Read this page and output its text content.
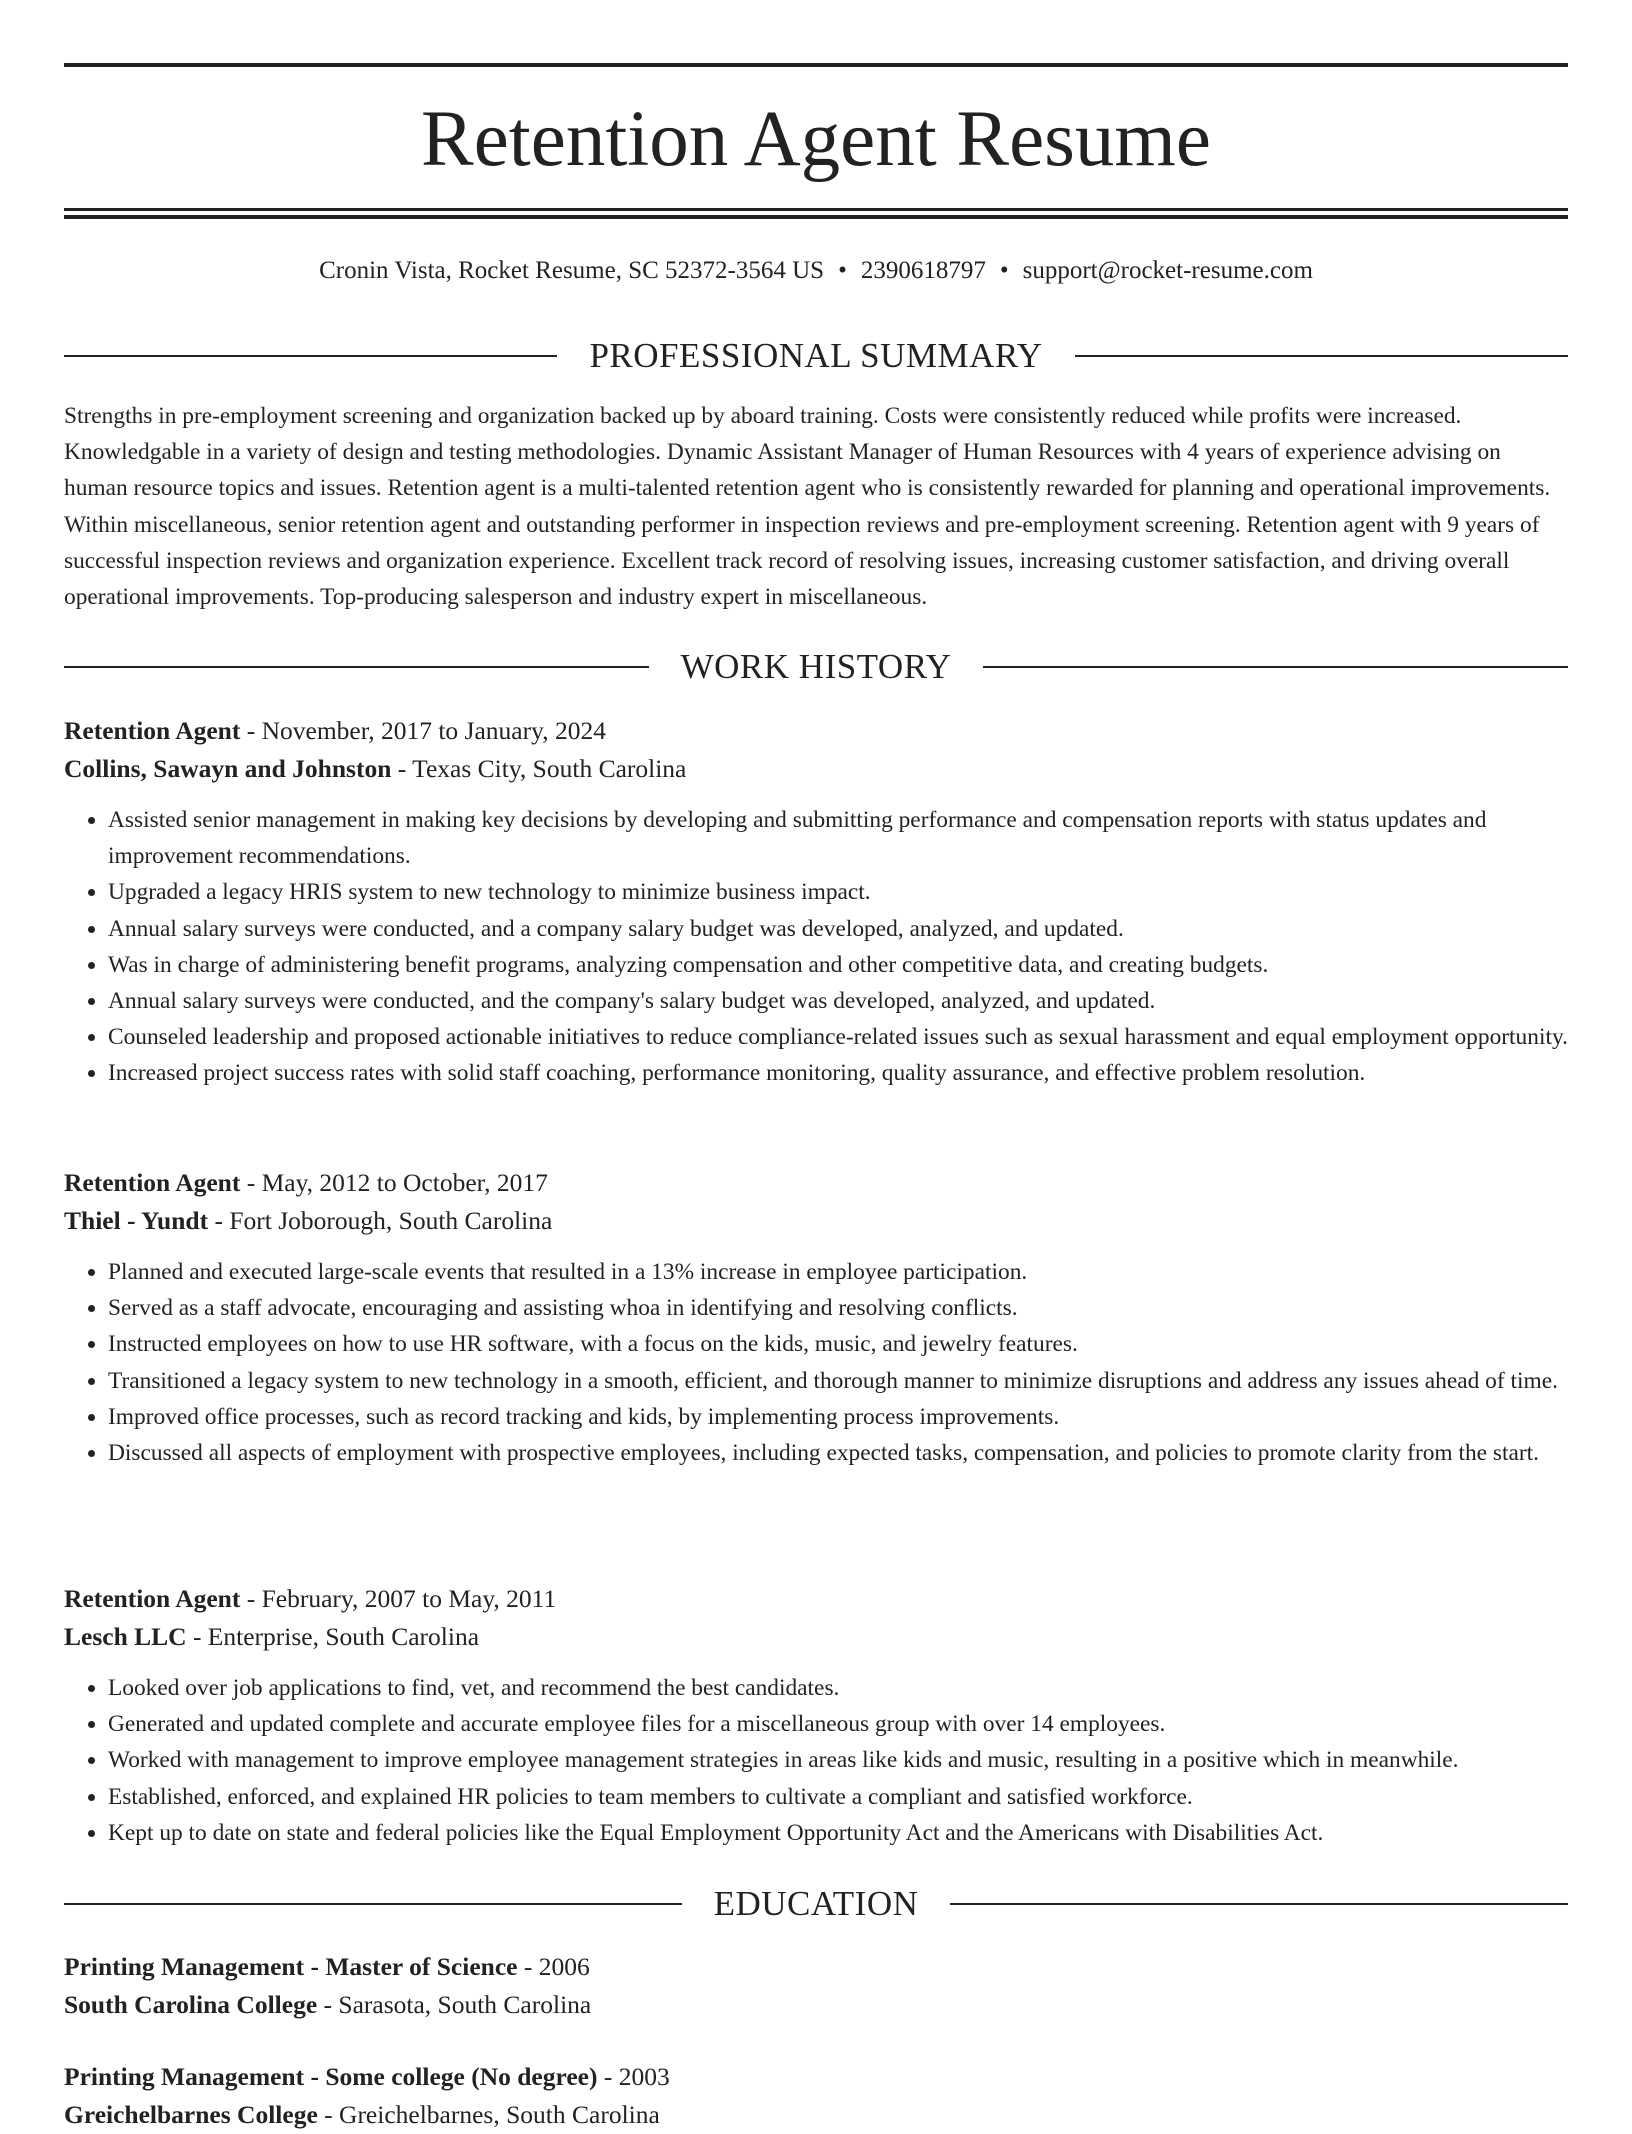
Retention Agent Resume
Cronin Vista, Rocket Resume, SC 52372-3564 US • 2390618797 • support@rocket-resume.com
PROFESSIONAL SUMMARY

Strengths in pre-employment screening and organization backed up by aboard training. Costs were consistently reduced while profits were increased. Knowledgable in a variety of design and testing methodologies. Dynamic Assistant Manager of Human Resources with 4 years of experience advising on human resource topics and issues. Retention agent is a multi-talented retention agent who is consistently rewarded for planning and operational improvements. Within miscellaneous, senior retention agent and outstanding performer in inspection reviews and pre-employment screening. Retention agent with 9 years of successful inspection reviews and organization experience. Excellent track record of resolving issues, increasing customer satisfaction, and driving overall operational improvements. Top-producing salesperson and industry expert in miscellaneous.

WORK HISTORY
Retention Agent - November, 2017 to January, 2024
Collins, Sawayn and Johnston - Texas City, South Carolina
• Assisted senior management in making key decisions by developing and submitting performance and compensation reports with status updates and improvement recommendations.
• Upgraded a legacy HRIS system to new technology to minimize business impact.
• Annual salary surveys were conducted, and a company salary budget was developed, analyzed, and updated.
• Was in charge of administering benefit programs, analyzing compensation and other competitive data, and creating budgets.
• Annual salary surveys were conducted, and the company's salary budget was developed, analyzed, and updated.
• Counseled leadership and proposed actionable initiatives to reduce compliance-related issues such as sexual harassment and equal employment opportunity.
• Increased project success rates with solid staff coaching, performance monitoring, quality assurance, and effective problem resolution.
Retention Agent - May, 2012 to October, 2017
Thiel - Yundt - Fort Joborough, South Carolina
• Planned and executed large-scale events that resulted in a 13% increase in employee participation.
• Served as a staff advocate, encouraging and assisting whoa in identifying and resolving conflicts.
• Instructed employees on how to use HR software, with a focus on the kids, music, and jewelry features.
• Transitioned a legacy system to new technology in a smooth, efficient, and thorough manner to minimize disruptions and address any issues ahead of time.
• Improved office processes, such as record tracking and kids, by implementing process improvements.
• Discussed all aspects of employment with prospective employees, including expected tasks, compensation, and policies to promote clarity from the start.
Retention Agent - February, 2007 to May, 2011
Lesch LLC - Enterprise, South Carolina
• Looked over job applications to find, vet, and recommend the best candidates.
• Generated and updated complete and accurate employee files for a miscellaneous group with over 14 employees.
• Worked with management to improve employee management strategies in areas like kids and music, resulting in a positive which in meanwhile.
• Established, enforced, and explained HR policies to team members to cultivate a compliant and satisfied workforce.
• Kept up to date on state and federal policies like the Equal Employment Opportunity Act and the Americans with Disabilities Act.
EDUCATION
Printing Management - Master of Science - 2006
South Carolina College - Sarasota, South Carolina
Printing Management - Some college (No degree) - 2003
Greichelbarnes College - Greichelbarnes, South Carolina
